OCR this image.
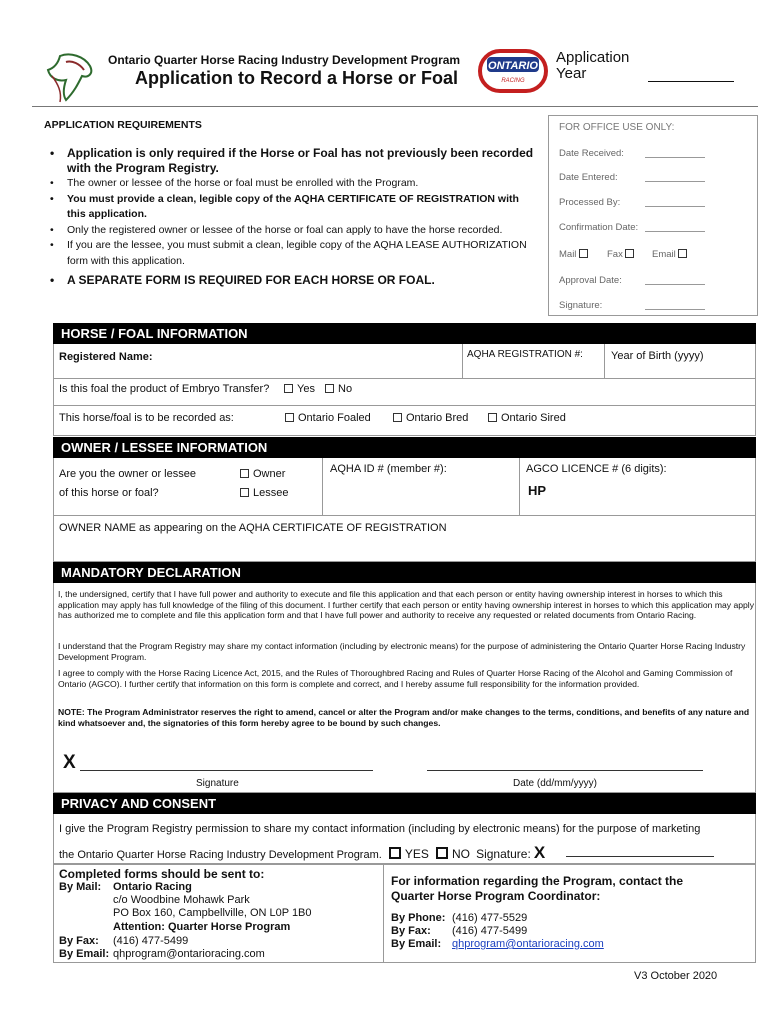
Ontario Quarter Horse Racing Industry Development Program
Application to Record a Horse or Foal
ONTARIO
RACING
Application
Year
APPLICATION REQUIREMENTS
• Application is only required if the Horse or Foal has not previously been recorded with the Program Registry.
• The owner or lessee of the horse or foal must be enrolled with the Program.
• You must provide a clean, legible copy of the AQHA CERTIFICATE OF REGISTRATION with this application.
• Only the registered owner or lessee of the horse or foal can apply to have the horse recorded.
• If you are the lessee, you must submit a clean, legible copy of the AQHA LEASE AUTHORIZATION form with this application.
• A SEPARATE FORM IS REQUIRED FOR EACH HORSE OR FOAL.
FOR OFFICE USE ONLY:
Date Received:
Date Entered:
Processed By:
Confirmation Date:
Mail	Fax	Email
Approval Date:
Signature:
HORSE / FOAL INFORMATION
Registered Name:	AQHA REGISTRATION #:	Year of Birth (yyyy)
Is this foal the product of Embryo Transfer?	Yes	No
This horse/foal is to be recorded as:	Ontario Foaled	Ontario Bred	Ontario Sired
OWNER / LESSEE INFORMATION
Are you the owner or lessee
of this horse or foal?
Owner
Lessee
AQHA ID # (member #):	AGCO LICENCE # (6 digits):
HP
OWNER NAME as appearing on the AQHA CERTIFICATE OF REGISTRATION
MANDATORY DECLARATION
I, the undersigned, certify that I have full power and authority to execute and file this application and that each person or entity having ownership interest in horses to which this application may apply has full knowledge of the filing of this document. I further certify that each person or entity having ownership interest in horses to which this application may apply has authorized me to complete and file this application form and that I have full power and authority to receive any requested or related documents from Ontario Racing.
I understand that the Program Registry may share my contact information (including by electronic means) for the purpose of administering the Ontario Quarter Horse Racing Industry Development Program.
I agree to comply with the Horse Racing Licence Act, 2015, and the Rules of Thoroughbred Racing and Rules of Quarter Horse Racing of the Alcohol and Gaming Commission of Ontario (AGCO). I further certify that information on this form is complete and correct, and I hereby assume full responsibility for the information provided.
NOTE: The Program Administrator reserves the right to amend, cancel or alter the Program and/or make changes to the terms, conditions, and benefits of any nature and kind whatsoever and, the signatories of this form hereby agree to be bound by such changes.
X
Signature	Date (dd/mm/yyyy)
PRIVACY AND CONSENT
I give the Program Registry permission to share my contact information (including by electronic means) for the purpose of marketing
the Ontario Quarter Horse Racing Industry Development Program. YES NO Signature: X
Completed forms should be sent to:
By Mail: Ontario Racing
c/o Woodbine Mohawk Park
PO Box 160, Campbellville, ON L0P 1B0
Attention: Quarter Horse Program
By Fax: (416) 477-5499
By Email: qhprogram@ontarioracing.com
For information regarding the Program, contact the
Quarter Horse Program Coordinator:
By Phone: (416) 477-5529
By Fax: (416) 477-5499
By Email: qhprogram@ontarioracing.com
V3 October 2020
